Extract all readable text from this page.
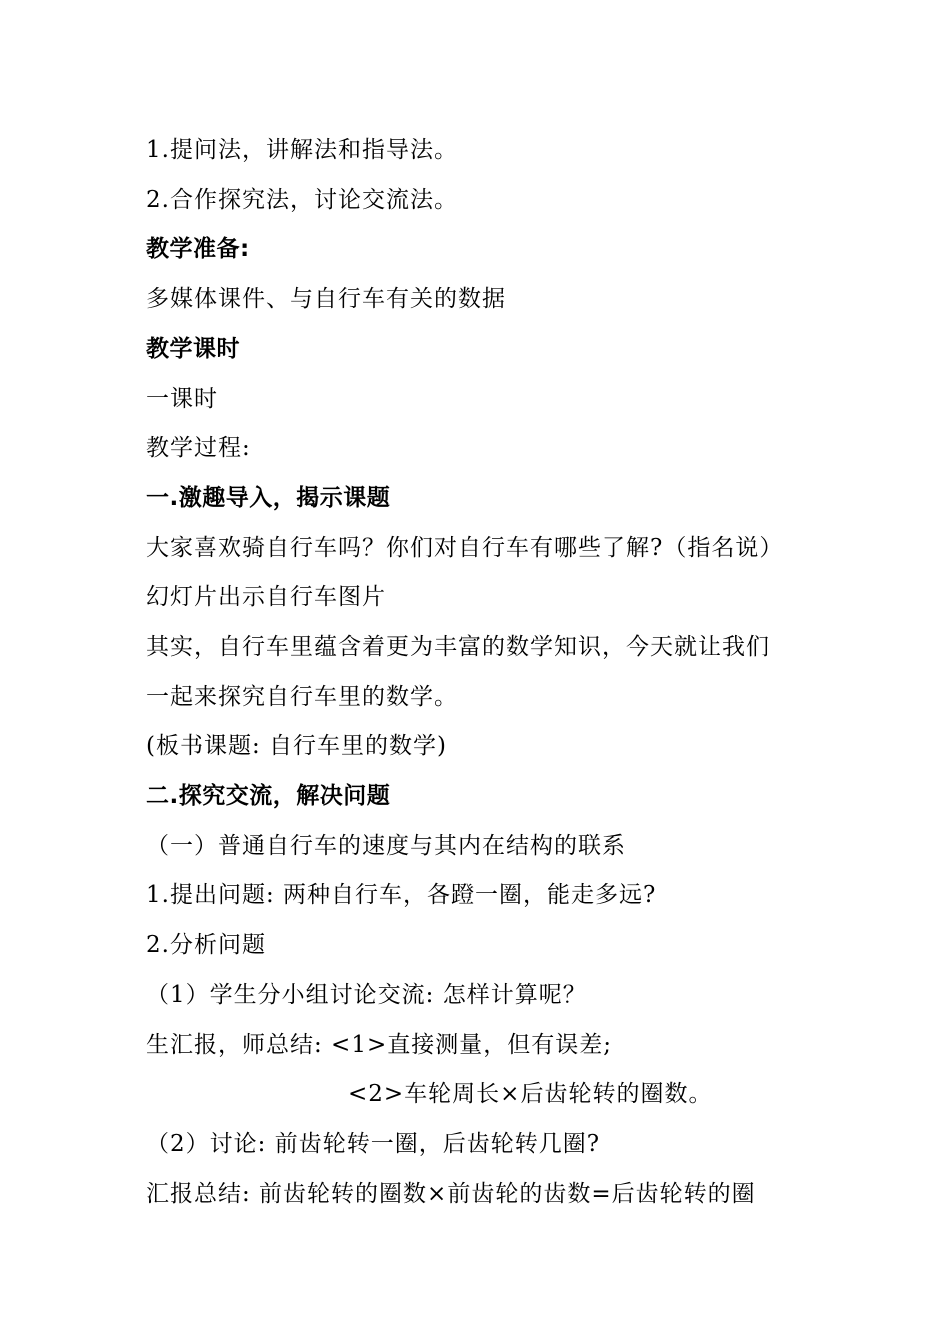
1.提问法，讲解法和指导法。
2.合作探究法，讨论交流法。
教学准备:
多媒体课件、与自行车有关的数据
教学课时
一课时
教学过程:
一.激趣导入，揭示课题
大家喜欢骑自行车吗？你们对自行车有哪些了解?（指名说）
幻灯片出示自行车图片
其实，自行车里蕴含着更为丰富的数学知识，今天就让我们
一起来探究自行车里的数学。
(板书课题: 自行车里的数学)
二.探究交流，解决问题
（一）普通自行车的速度与其内在结构的联系
1.提出问题: 两种自行车，各蹬一圈，能走多远?
2.分析问题
（1）学生分小组讨论交流: 怎样计算呢？
生汇报，师总结: <1>直接测量，但有误差;
<2>车轮周长×后齿轮转的圈数。
（2）讨论: 前齿轮转一圈，后齿轮转几圈?
汇报总结: 前齿轮转的圈数×前齿轮的齿数=后齿轮转的圈
